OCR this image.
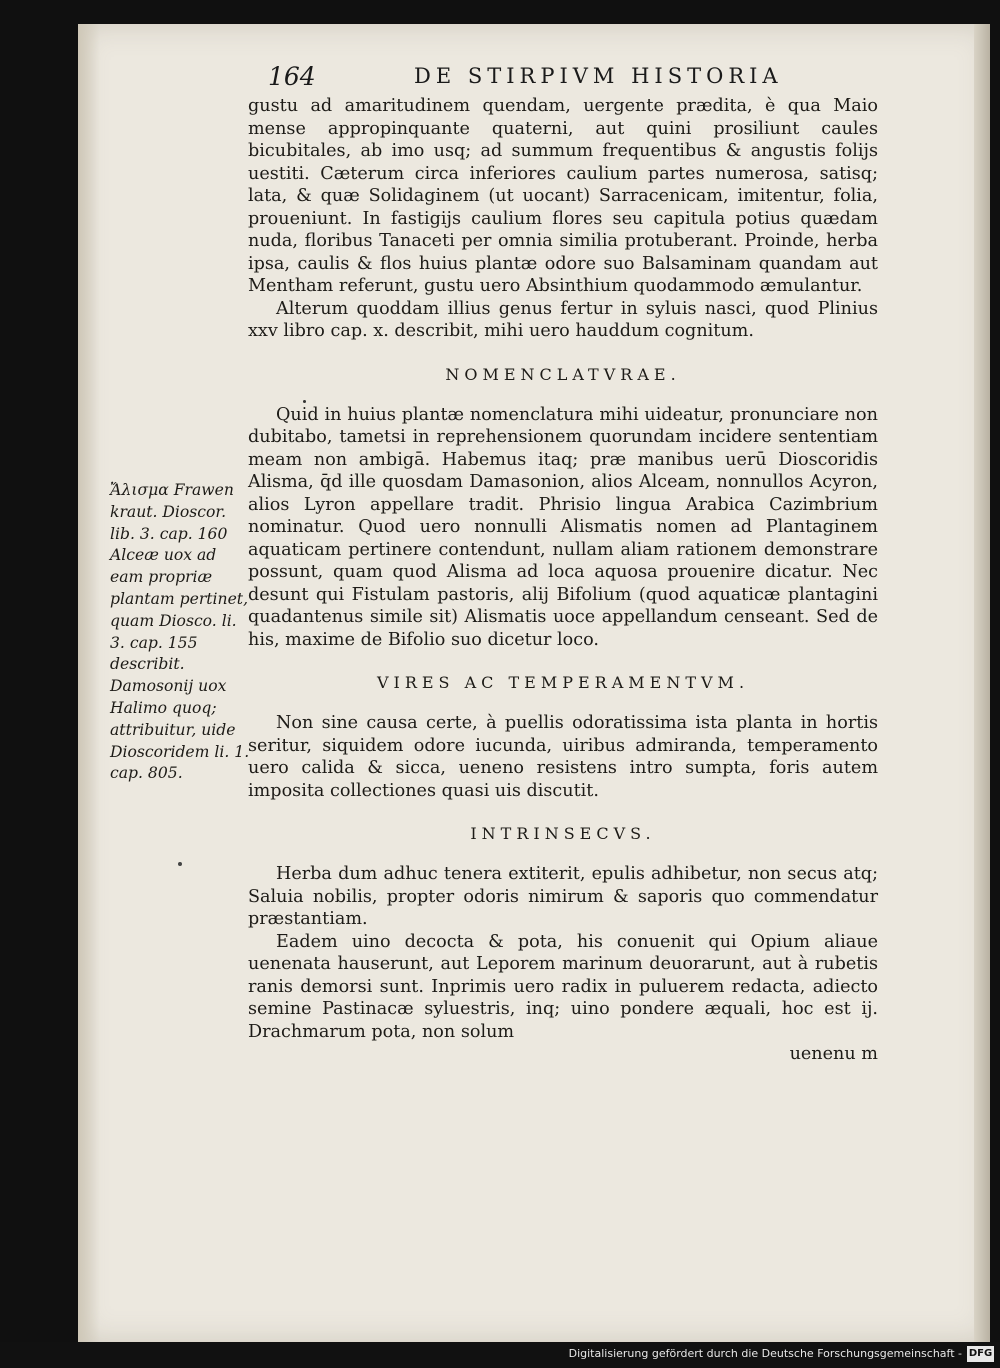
164	DE STIRPIVM HISTORIA
Ἄλισμα Frawen kraut. Dioscor. lib. 3. cap. 160 Alceæ uox ad eam propriæ plantam pertinet, quam Diosco. li. 3. cap. 155 describit. Damosonij uox Halimo quoq; attribuitur, uide Dioscoridem li. 1. cap. 805.

gustu ad amaritudinem quendam, uergente prædita, è qua Maio mense appropinquante quaterni, aut quini prosiliunt caules bicubitales, ab imo usq; ad summum frequentibus & angustis folijs uestiti. Cæterum circa inferiores caulium partes numerosa, satisq; lata, & quæ Solidaginem (ut uocant) Sarracenicam, imitentur, folia, proueniunt. In fastigijs caulium flores seu capitula potius quædam nuda, floribus Tanaceti per omnia similia protuberant. Proinde, herba ipsa, caulis & flos huius plantæ odore suo Balsaminam quandam aut Mentham referunt, gustu uero Absinthium quodammodo æmulantur.

Alterum quoddam illius genus fertur in syluis nasci, quod Plinius xxv libro cap. x. describit, mihi uero hauddum cognitum.

NOMENCLATVRAE.

Quid in huius plantæ nomenclatura mihi uideatur, pronunciare non dubitabo, tametsi in reprehensionem quorundam incidere sententiam meam non ambigā. Habemus itaq; præ manibus uerū Dioscoridis Alisma, q̄d ille quosdam Damasonion, alios Alceam, nonnullos Acyron, alios Lyron appellare tradit. Phrisio lingua Arabica Cazimbrium nominatur. Quod uero nonnulli Alismatis nomen ad Plantaginem aquaticam pertinere contendunt, nullam aliam rationem demonstrare possunt, quam quod Alisma ad loca aquosa prouenire dicatur. Nec desunt qui Fistulam pastoris, alij Bifolium (quod aquaticæ plantagini quadantenus simile sit) Alismatis uoce appellandum censeant. Sed de his, maxime de Bifolio suo dicetur loco.

VIRES AC TEMPERAMENTVM.

Non sine causa certe, à puellis odoratissima ista planta in hortis seritur, siquidem odore iucunda, uiribus admiranda, temperamento uero calida & sicca, ueneno resistens intro sumpta, foris autem imposita collectiones quasi uis discutit.

INTRINSECVS.

Herba dum adhuc tenera extiterit, epulis adhibetur, non secus atq; Saluia nobilis, propter odoris nimirum & saporis quo commendatur præstantiam.

Eadem uino decocta & pota, his conuenit qui Opium aliaue uenenata hauserunt, aut Leporem marinum deuorarunt, aut à rubetis ranis demorsi sunt. Inprimis uero radix in puluerem redacta, adiecto semine Pastinacæ syluestris, inq; uino pondere æquali, hoc est ij. Drachmarum pota, non solum

uenenu m

Digitalisierung gefördert durch die Deutsche Forschungsgemeinschaft - DFG
